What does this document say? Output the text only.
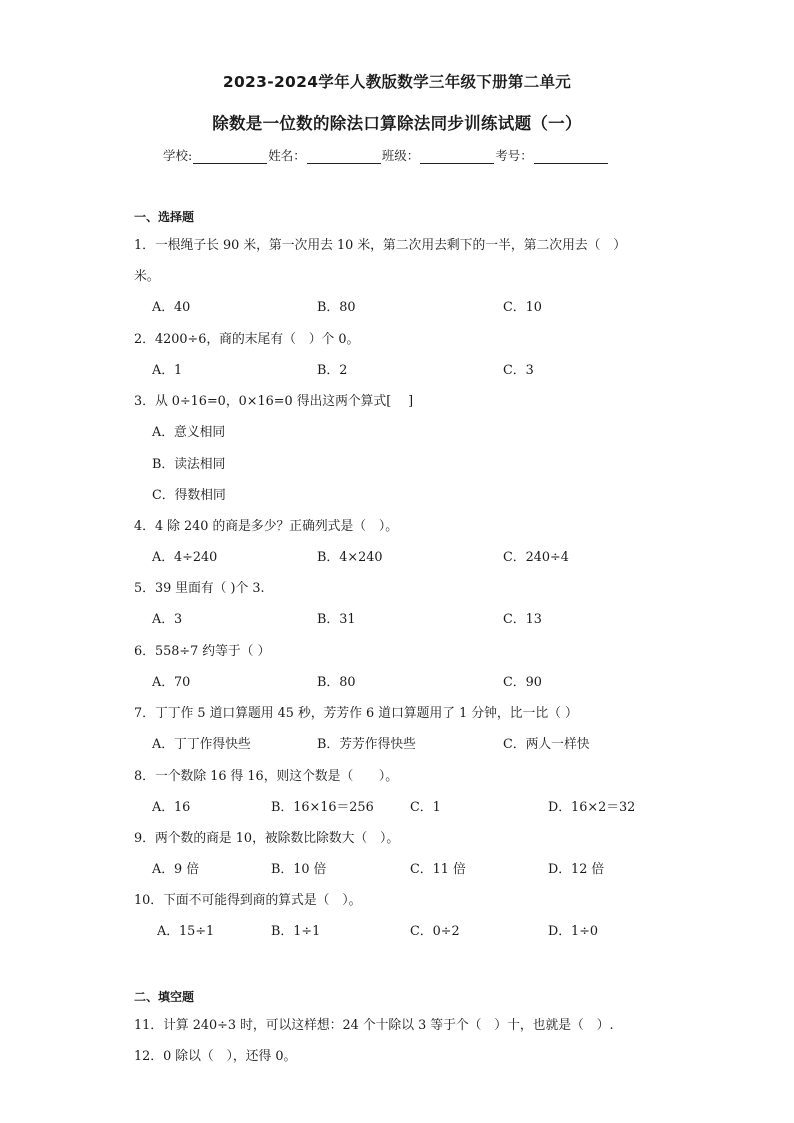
2023-2024学年人教版数学三年级下册第二单元
除数是一位数的除法口算除法同步训练试题（一）
学校:	姓名：	班级：	考号：
一、选择题
1．一根绳子长 90 米，第一次用去 10 米，第二次用去剩下的一半，第二次用去（　）
米。
A．40	B．80	C．10
2．4200÷6，商的末尾有（　）个 0。
A．1	B．2	C．3
3．从 0÷16=0，0×16=0 得出这两个算式[　 ]
A．意义相同
B．读法相同
C．得数相同
4．4 除 240 的商是多少？正确列式是（　）。
A．4÷240	B．4×240	C．240÷4
5．39 里面有（ )个 3.
A．3	B．31	C．13
6．558÷7 约等于（ ）
A．70	B．80	C．90
7．丁丁作 5 道口算题用 45 秒，芳芳作 6 道口算题用了 1 分钟，比一比（ ）
A．丁丁作得快些	B．芳芳作得快些	C．两人一样快
8．一个数除 16 得 16，则这个数是（　　）。
A．16	B．16×16＝256	C．1	D．16×2＝32
9．两个数的商是 10，被除数比除数大（　）。
A．9 倍	B．10 倍	C．11 倍	D．12 倍
10．下面不可能得到商的算式是（　）。
A．15÷1	B．1÷1	C．0÷2	D．1÷0
二、填空题
11．计算 240÷3 时，可以这样想：24 个十除以 3 等于个（　）十，也就是（　）.
12．0 除以（　），还得 0。
